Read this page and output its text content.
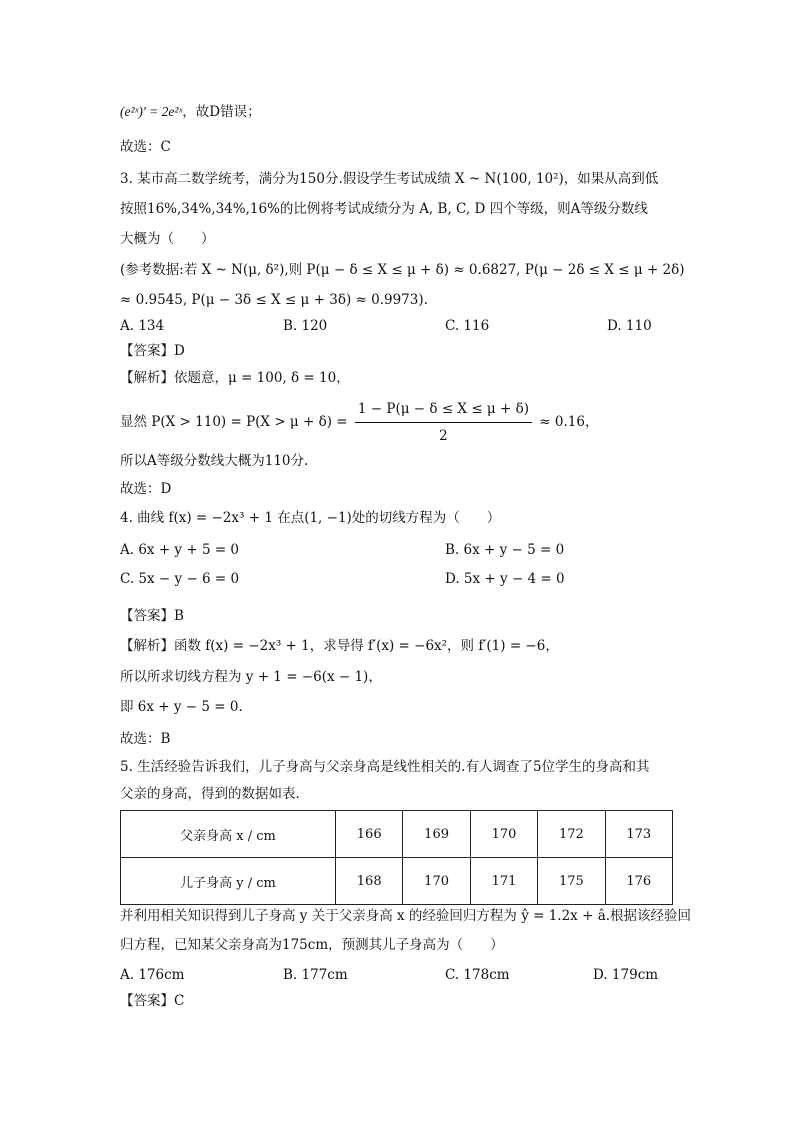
(e²ˣ)′ = 2e²ˣ，故D错误；
故选：C
3. 某市高二数学统考，满分为150分.假设学生考试成绩 X ~ N(100, 10²)，如果从高到低
按照16%,34%,34%,16%的比例将考试成绩分为 A, B, C, D 四个等级，则A等级分数线
大概为（　　）
(参考数据:若 X ~ N(μ, δ²),则 P(μ − δ ≤ X ≤ μ + δ) ≈ 0.6827, P(μ − 2δ ≤ X ≤ μ + 2δ)
≈ 0.9545, P(μ − 3δ ≤ X ≤ μ + 3δ) ≈ 0.9973).
A. 134	B. 120	C. 116	D. 110
【答案】D
【解析】依题意，μ = 100, δ = 10，
显然 $P(X > 110) = P(X > \mu + \delta) = \frac{1 - P(\mu - \delta \le X \le \mu + \delta)}{2} \approx 0.16$，
所以A等级分数线大概为110分.
故选：D
4. 曲线 f(x) = −2x³ + 1 在点(1, −1)处的切线方程为（　　）
A. 6x + y + 5 = 0	B. 6x + y − 5 = 0
C. 5x − y − 6 = 0	D. 5x + y − 4 = 0
【答案】B
【解析】函数 f(x) = −2x³ + 1，求导得 f′(x) = −6x²，则 f′(1) = −6，
所以所求切线方程为 y + 1 = −6(x − 1)，
即 6x + y − 5 = 0.
故选：B
5. 生活经验告诉我们，儿子身高与父亲身高是线性相关的.有人调查了5位学生的身高和其
父亲的身高，得到的数据如表.
父亲身高 x / cm	166	169	170	172	173
儿子身高 y / cm	168	170	171	175	176
并利用相关知识得到儿子身高 y 关于父亲身高 x 的经验回归方程为 ŷ = 1.2x + â.根据该经验回
归方程，已知某父亲身高为175cm，预测其儿子身高为（　　）
A. 176cm	B. 177cm	C. 178cm	D. 179cm
【答案】C
